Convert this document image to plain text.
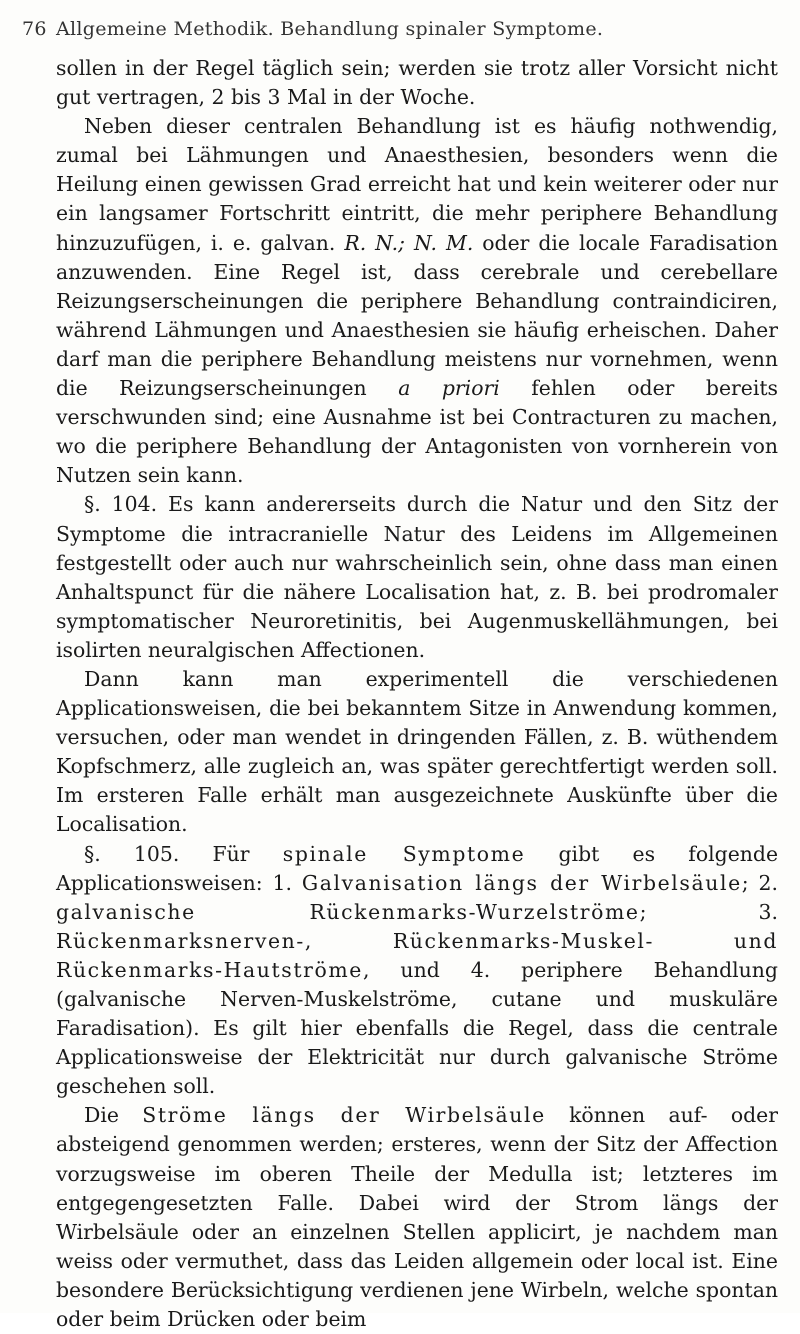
76 Allgemeine Methodik. Behandlung spinaler Symptome.

sollen in der Regel täglich sein; werden sie trotz aller Vorsicht nicht gut vertragen, 2 bis 3 Mal in der Woche.

Neben dieser centralen Behandlung ist es häufig nothwendig, zumal bei Lähmungen und Anaesthesien, besonders wenn die Heilung einen gewissen Grad erreicht hat und kein weiterer oder nur ein langsamer Fortschritt eintritt, die mehr periphere Behandlung hinzuzufügen, i. e. galvan. R. N.; N. M. oder die locale Faradisation anzuwenden. Eine Regel ist, dass cerebrale und cerebellare Reizungserscheinungen die periphere Behandlung contraindiciren, während Lähmungen und Anaesthesien sie häufig erheischen. Daher darf man die periphere Behandlung meistens nur vornehmen, wenn die Reizungserscheinungen a priori fehlen oder bereits verschwunden sind; eine Ausnahme ist bei Contracturen zu machen, wo die periphere Behandlung der Antagonisten von vornherein von Nutzen sein kann.

§. 104. Es kann andererseits durch die Natur und den Sitz der Symptome die intracranielle Natur des Leidens im Allgemeinen festgestellt oder auch nur wahrscheinlich sein, ohne dass man einen Anhaltspunct für die nähere Localisation hat, z. B. bei prodromaler symptomatischer Neuroretinitis, bei Augenmuskellähmungen, bei isolirten neuralgischen Affectionen.

Dann kann man experimentell die verschiedenen Applicationsweisen, die bei bekanntem Sitze in Anwendung kommen, versuchen, oder man wendet in dringenden Fällen, z. B. wüthendem Kopfschmerz, alle zugleich an, was später gerechtfertigt werden soll. Im ersteren Falle erhält man ausgezeichnete Auskünfte über die Localisation.

§. 105. Für spinale Symptome gibt es folgende Applicationsweisen: 1. Galvanisation längs der Wirbelsäule; 2. galvanische Rückenmarks-Wurzelströme; 3. Rückenmarksnerven-, Rückenmarks-Muskel- und Rückenmarks-Hautströme, und 4. periphere Behandlung (galvanische Nerven-Muskelströme, cutane und muskuläre Faradisation). Es gilt hier ebenfalls die Regel, dass die centrale Applicationsweise der Elektricität nur durch galvanische Ströme geschehen soll.

Die Ströme längs der Wirbelsäule können auf- oder absteigend genommen werden; ersteres, wenn der Sitz der Affection vorzugsweise im oberen Theile der Medulla ist; letzteres im entgegengesetzten Falle. Dabei wird der Strom längs der Wirbelsäule oder an einzelnen Stellen applicirt, je nachdem man weiss oder vermuthet, dass das Leiden allgemein oder local ist. Eine besondere Berücksichtigung verdienen jene Wirbeln, welche spontan oder beim Drücken oder beim
